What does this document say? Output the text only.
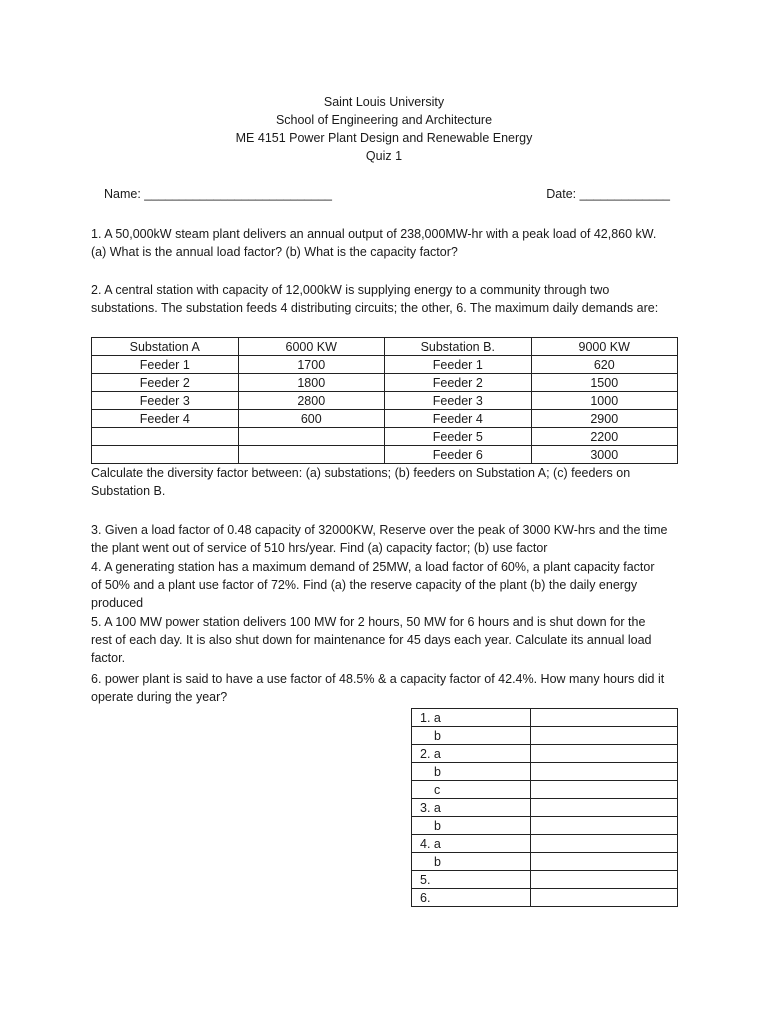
Saint Louis University
School of Engineering and Architecture
ME 4151 Power Plant Design and Renewable Energy
Quiz 1
Name: ___________________________	Date: _____________

1. A 50,000kW steam plant delivers an annual output of 238,000MW-hr with a peak load of 42,860 kW.

(a) What is the annual load factor? (b) What is the capacity factor?

2. A central station with capacity of 12,000kW is supplying energy to a community through two

substations. The substation feeds 4 distributing circuits; the other, 6. The maximum daily demands are:

Substation A	6000 KW	Substation B.	9000 KW
Feeder 1	1700	Feeder 1	620
Feeder 2	1800	Feeder 2	1500
Feeder 3	2800	Feeder 3	1000
Feeder 4	600	Feeder 4	2900
		Feeder 5	2200
		Feeder 6	3000

Calculate the diversity factor between: (a) substations; (b) feeders on Substation A; (c) feeders on

Substation B.

3. Given a load factor of 0.48 capacity of 32000KW, Reserve over the peak of 3000 KW-hrs and the time

the plant went out of service of 510 hrs/year. Find (a) capacity factor; (b) use factor

4. A generating station has a maximum demand of 25MW, a load factor of 60%, a plant capacity factor

of 50% and a plant use factor of 72%. Find (a) the reserve capacity of the plant (b) the daily energy

produced

5. A 100 MW power station delivers 100 MW for 2 hours, 50 MW for 6 hours and is shut down for the

rest of each day. It is also shut down for maintenance for 45 days each year. Calculate its annual load

factor.

6. power plant is said to have a use factor of 48.5% & a capacity factor of 42.4%. How many hours did it

operate during the year?

1. a	
b	
2. a	
b	
c	
3. a	
b	
4. a	
b	
5.	
6.	
